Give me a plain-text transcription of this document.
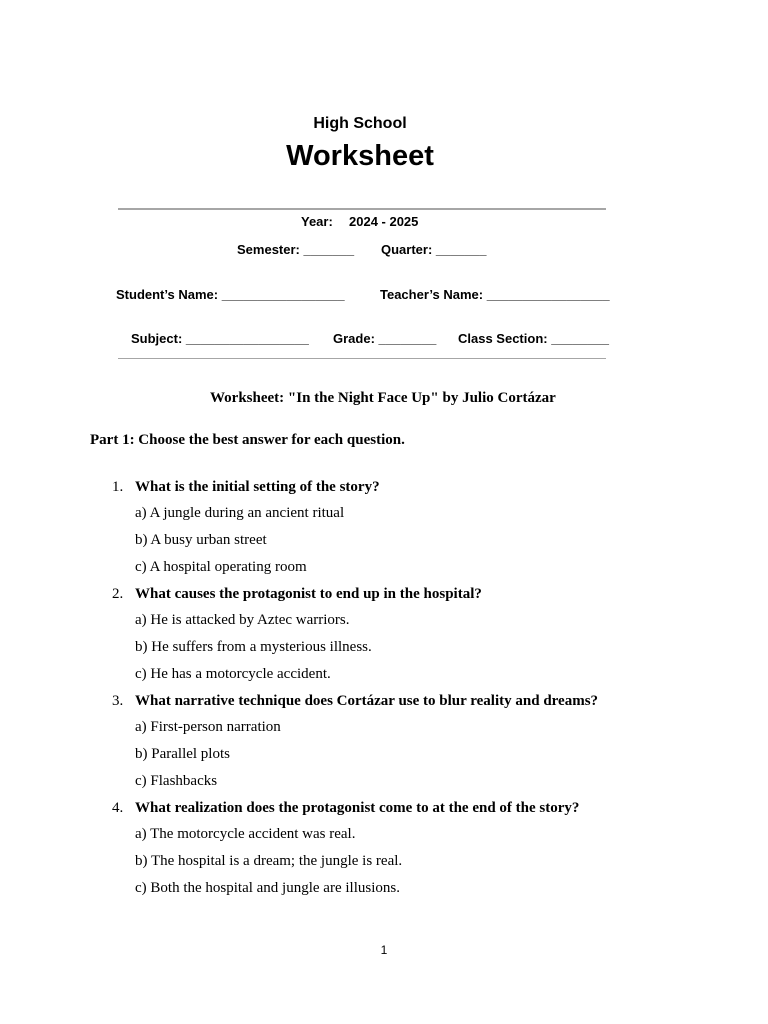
High School
Worksheet
Year: 2024 - 2025
Semester: _______ Quarter: _______
Student’s Name: _________________	Teacher’s Name: _________________
Subject: _________________ Grade: ________ Class Section: ________
Worksheet: "In the Night Face Up" by Julio Cortázar
Part 1: Choose the best answer for each question.
1. What is the initial setting of the story?
a) A jungle during an ancient ritual
b) A busy urban street
c) A hospital operating room
2. What causes the protagonist to end up in the hospital?
a) He is attacked by Aztec warriors.
b) He suffers from a mysterious illness.
c) He has a motorcycle accident.
3. What narrative technique does Cortázar use to blur reality and dreams?
a) First-person narration
b) Parallel plots
c) Flashbacks
4. What realization does the protagonist come to at the end of the story?
a) The motorcycle accident was real.
b) The hospital is a dream; the jungle is real.
c) Both the hospital and jungle are illusions.
1
